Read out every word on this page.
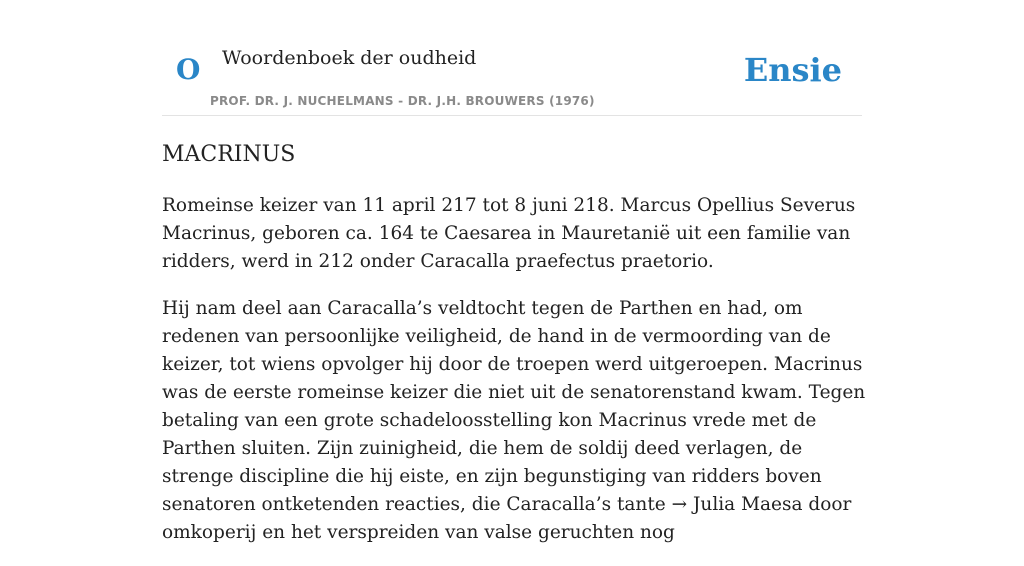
O Woordenboek der oudheid
PROF. DR. J. NUCHELMANS - DR. J.H. BROUWERS (1976)
Ensie
MACRINUS

Romeinse keizer van 11 april 217 tot 8 juni 218. Marcus Opellius Severus Macrinus, geboren ca. 164 te Caesarea in Mauretanië uit een familie van ridders, werd in 212 onder Caracalla praefectus praetorio.

Hij nam deel aan Caracalla’s veldtocht tegen de Parthen en had, om redenen van persoonlijke veiligheid, de hand in de vermoording van de keizer, tot wiens opvolger hij door de troepen werd uitgeroepen. Macrinus was de eerste romeinse keizer die niet uit de senatorenstand kwam. Tegen betaling van een grote schadeloosstelling kon Macrinus vrede met de Parthen sluiten. Zijn zuinigheid, die hem de soldij deed verlagen, de strenge discipline die hij eiste, en zijn begunstiging van ridders boven senatoren ontketenden reacties, die Caracalla’s tante → Julia Maesa door omkoperij en het verspreiden van valse geruchten nog
